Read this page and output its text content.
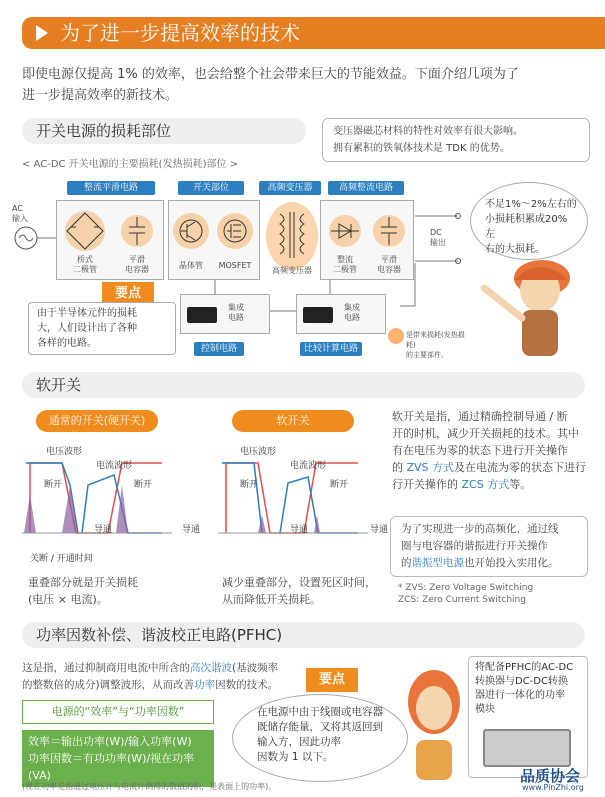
为了进一步提高效率的技术
即使电源仅提高 1% 的效率，也会给整个社会带来巨大的节能效益。下面介绍几项为了
进一步提高效率的新技术。
开关电源的损耗部位	变压器磁芯材料的特性对效率有很大影响。
拥有累积的铁氧体技术是 TDK 的优势。
< AC-DC 开关电源的主要损耗(发热损耗)部位 >
整流平滑电路	开关部位	高频变压器	高频整流电路
AC
输入
桥式
二极管
平滑
电容器	晶体管	MOSFET
高频变压器
整流
二极管
平滑
电容器
DC
输出
要点
由于半导体元件的损耗
大，人们设计出了各种
各样的电路。
集成
电路
集成
电路
控制电路	比较计算电路
是带来损耗(发热损耗)
的主要部件。
不足1%～2%左右的
小损耗积累成20%左
右的大损耗。
软开关
通常的开关(硬开关)	软开关
电压波形
电流波形
断开	断开
导通	导通
关断 / 开通时间
重叠部分就是开关损耗
(电压 × 电流)。
电压波形
电流波形
断开	断开
导通	导通
减少重叠部分，设置死区时间，
从而降低开关损耗。
软开关是指，通过精确控制导通 / 断
开的时机，减少开关损耗的技术。其中
有在电压为零的状态下进行开关操作
的 ZVS 方式及在电流为零的状态下进行
行开关操作的 ZCS 方式等。
为了实现进一步的高频化，通过线
圈与电容器的谐振进行开关操作
的谐振型电源也开始投入实用化。
* ZVS: Zero Voltage Switching
ZCS: Zero Current Switching
功率因数补偿、谐波校正电路(PFHC)
这是指，通过抑制商用电流中所含的高次谐波(基波频率
的整数倍的成分)调整波形，从而改善功率因数的技术。
电源的“效率”与“功率因数”
效率＝输出功率(W)/输入功率(W)
功率因数＝有功功率(W)/视在功率(VA)
要点
在电源中由于线圈或电容器
既储存能量，又将其返回到
输入方，因此功率
因数为 1 以下。
将配备PFHC的AC-DC
转换器与DC-DC转换
器进行一体化的功率
模块
(视在功率是指通过电压计与电流计测得的数值的积，是表面上的功率)。
品质协会
www.PinZhi.org
